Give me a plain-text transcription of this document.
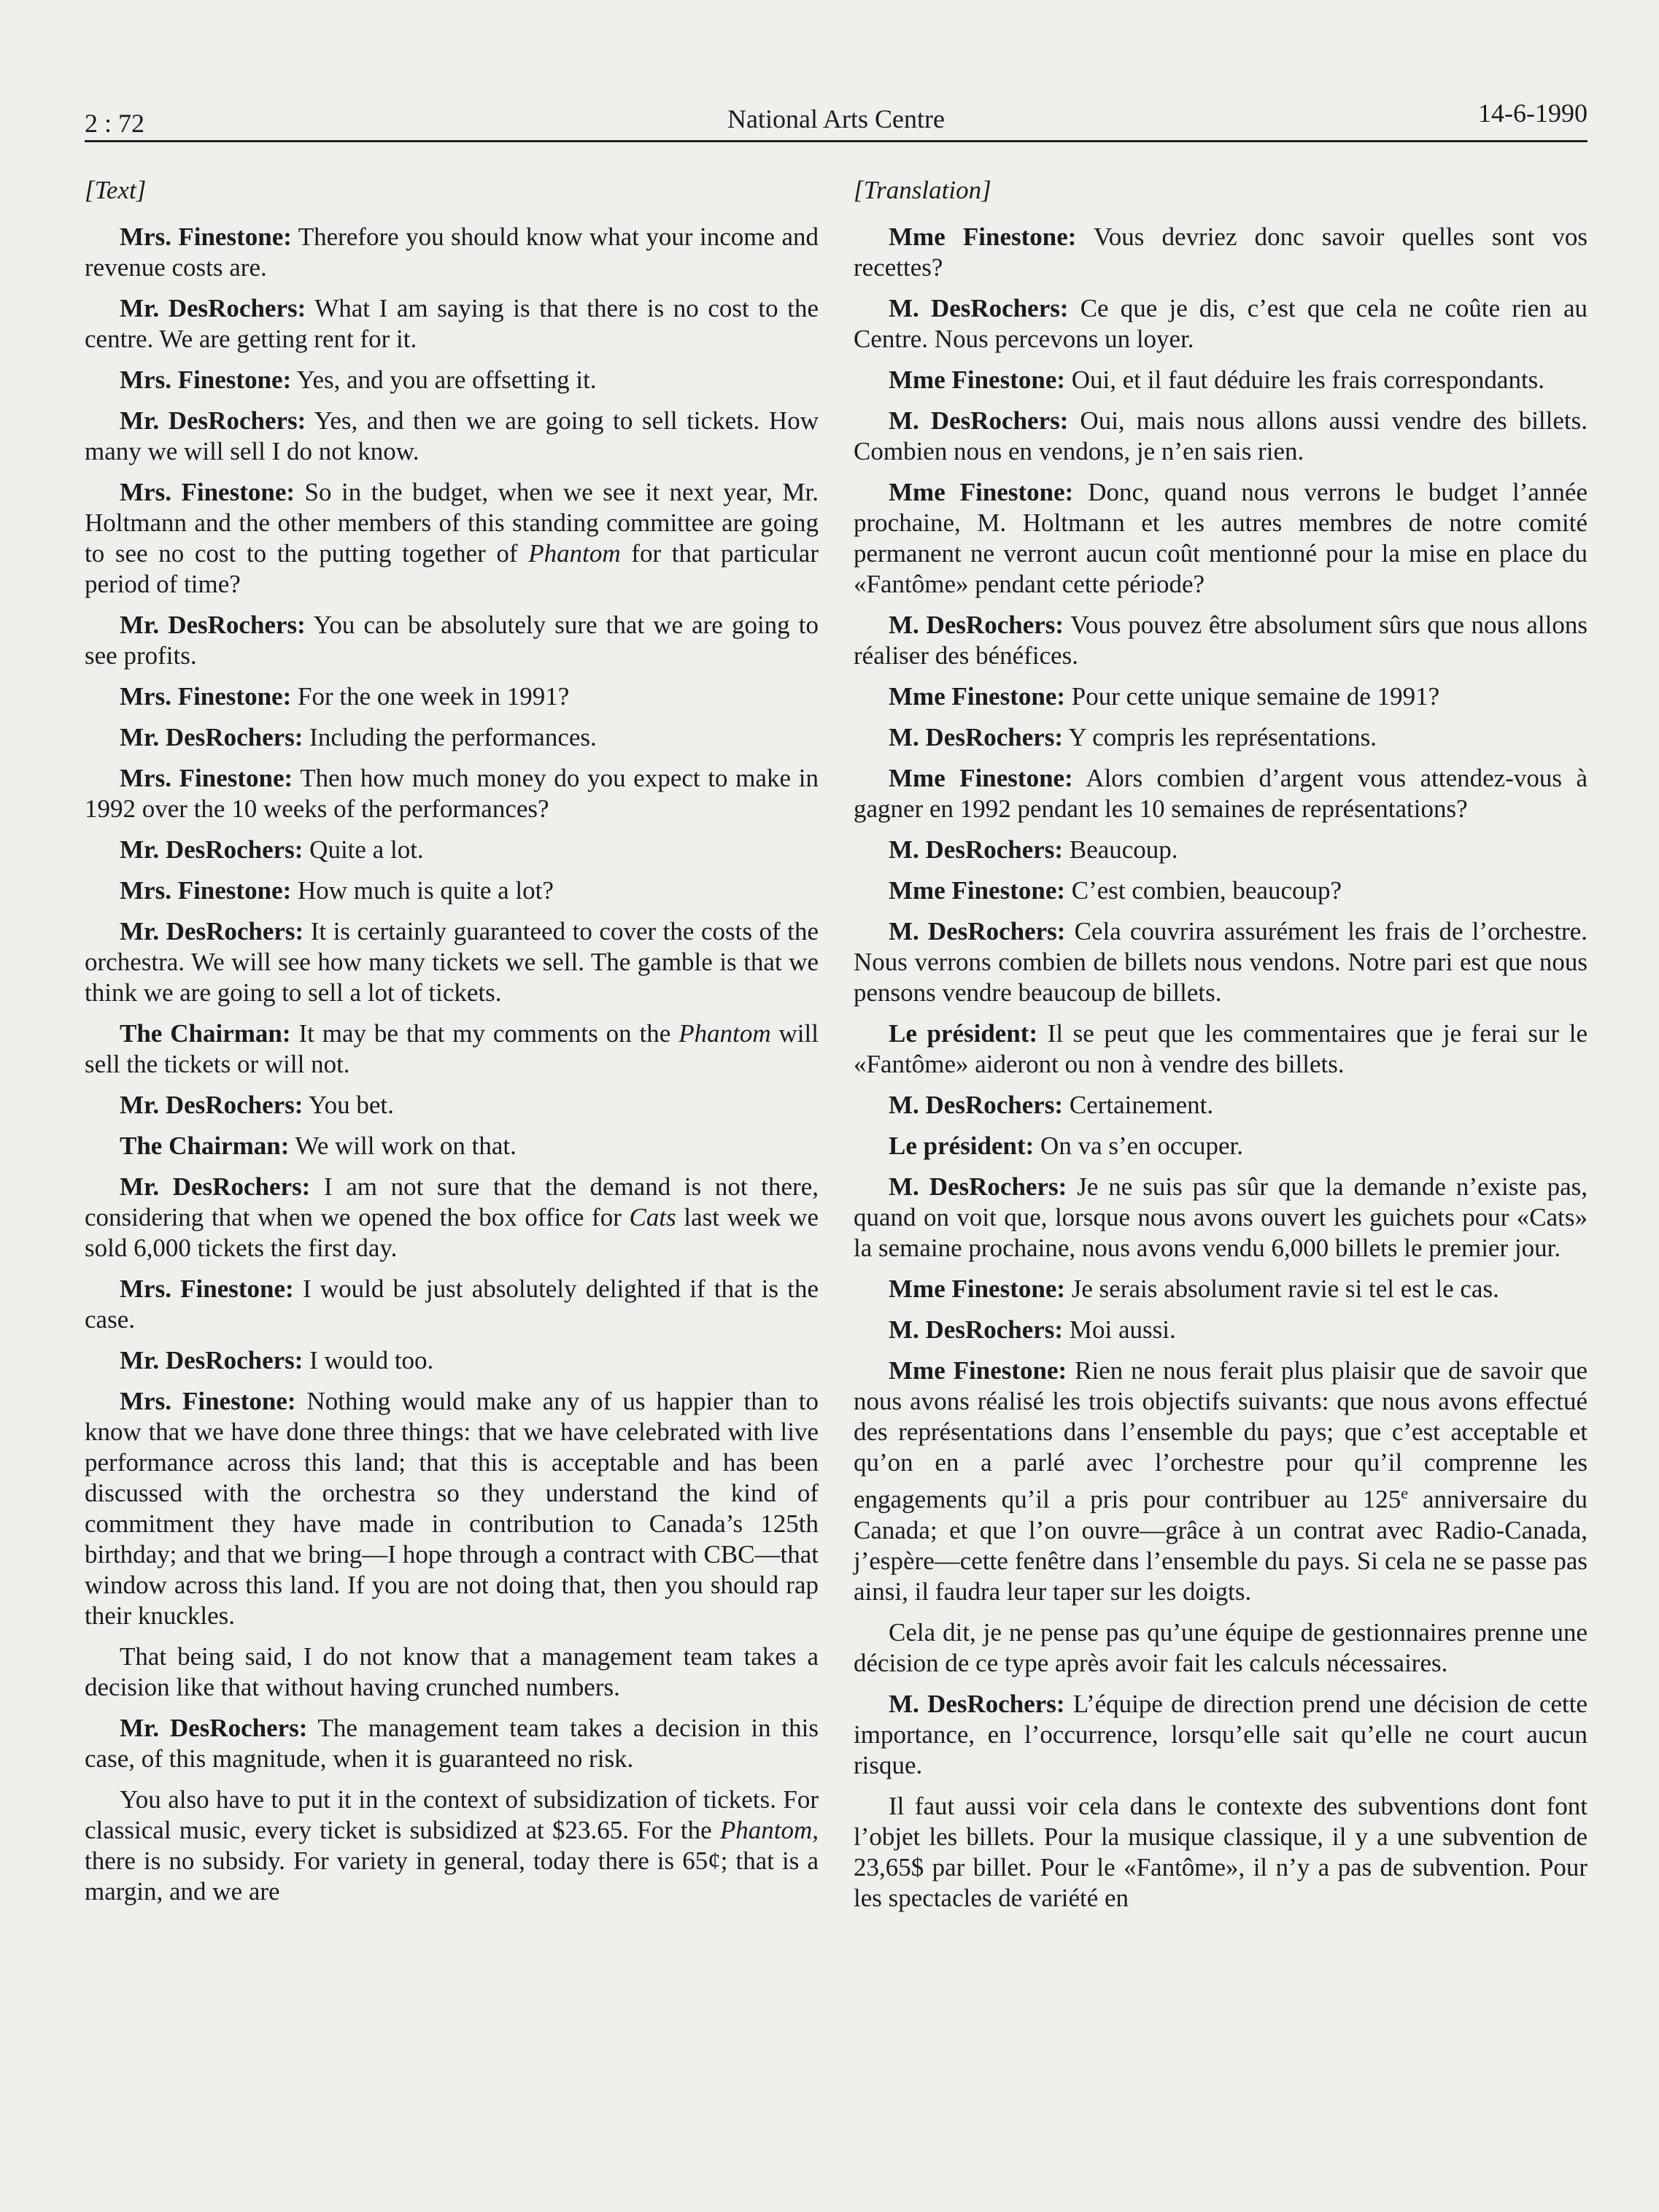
2 : 72	National Arts Centre	14-6-1990
[Text]
Mrs. Finestone: Therefore you should know what your income and revenue costs are.
Mr. DesRochers: What I am saying is that there is no cost to the centre. We are getting rent for it.
Mrs. Finestone: Yes, and you are offsetting it.
Mr. DesRochers: Yes, and then we are going to sell tickets. How many we will sell I do not know.
Mrs. Finestone: So in the budget, when we see it next year, Mr. Holtmann and the other members of this standing committee are going to see no cost to the putting together of Phantom for that particular period of time?
Mr. DesRochers: You can be absolutely sure that we are going to see profits.
Mrs. Finestone: For the one week in 1991?
Mr. DesRochers: Including the performances.
Mrs. Finestone: Then how much money do you expect to make in 1992 over the 10 weeks of the performances?
Mr. DesRochers: Quite a lot.
Mrs. Finestone: How much is quite a lot?
Mr. DesRochers: It is certainly guaranteed to cover the costs of the orchestra. We will see how many tickets we sell. The gamble is that we think we are going to sell a lot of tickets.
The Chairman: It may be that my comments on the Phantom will sell the tickets or will not.
Mr. DesRochers: You bet.
The Chairman: We will work on that.
Mr. DesRochers: I am not sure that the demand is not there, considering that when we opened the box office for Cats last week we sold 6,000 tickets the first day.
Mrs. Finestone: I would be just absolutely delighted if that is the case.
Mr. DesRochers: I would too.
Mrs. Finestone: Nothing would make any of us happier than to know that we have done three things: that we have celebrated with live performance across this land; that this is acceptable and has been discussed with the orchestra so they understand the kind of commitment they have made in contribution to Canada’s 125th birthday; and that we bring—I hope through a contract with CBC—that window across this land. If you are not doing that, then you should rap their knuckles.
That being said, I do not know that a management team takes a decision like that without having crunched numbers.
Mr. DesRochers: The management team takes a decision in this case, of this magnitude, when it is guaranteed no risk.
You also have to put it in the context of subsidization of tickets. For classical music, every ticket is subsidized at $23.65. For the Phantom, there is no subsidy. For variety in general, today there is 65¢; that is a margin, and we are
[Translation]
Mme Finestone: Vous devriez donc savoir quelles sont vos recettes?
M. DesRochers: Ce que je dis, c’est que cela ne coûte rien au Centre. Nous percevons un loyer.
Mme Finestone: Oui, et il faut déduire les frais correspondants.
M. DesRochers: Oui, mais nous allons aussi vendre des billets. Combien nous en vendons, je n’en sais rien.
Mme Finestone: Donc, quand nous verrons le budget l’année prochaine, M. Holtmann et les autres membres de notre comité permanent ne verront aucun coût mentionné pour la mise en place du «Fantôme» pendant cette période?
M. DesRochers: Vous pouvez être absolument sûrs que nous allons réaliser des bénéfices.
Mme Finestone: Pour cette unique semaine de 1991?
M. DesRochers: Y compris les représentations.
Mme Finestone: Alors combien d’argent vous attendez-vous à gagner en 1992 pendant les 10 semaines de représentations?
M. DesRochers: Beaucoup.
Mme Finestone: C’est combien, beaucoup?
M. DesRochers: Cela couvrira assurément les frais de l’orchestre. Nous verrons combien de billets nous vendons. Notre pari est que nous pensons vendre beaucoup de billets.
Le président: Il se peut que les commentaires que je ferai sur le «Fantôme» aideront ou non à vendre des billets.
M. DesRochers: Certainement.
Le président: On va s’en occuper.
M. DesRochers: Je ne suis pas sûr que la demande n’existe pas, quand on voit que, lorsque nous avons ouvert les guichets pour «Cats» la semaine prochaine, nous avons vendu 6,000 billets le premier jour.
Mme Finestone: Je serais absolument ravie si tel est le cas.
M. DesRochers: Moi aussi.
Mme Finestone: Rien ne nous ferait plus plaisir que de savoir que nous avons réalisé les trois objectifs suivants: que nous avons effectué des représentations dans l’ensemble du pays; que c’est acceptable et qu’on en a parlé avec l’orchestre pour qu’il comprenne les engagements qu’il a pris pour contribuer au 125e anniversaire du Canada; et que l’on ouvre—grâce à un contrat avec Radio-Canada, j’espère—cette fenêtre dans l’ensemble du pays. Si cela ne se passe pas ainsi, il faudra leur taper sur les doigts.
Cela dit, je ne pense pas qu’une équipe de gestionnaires prenne une décision de ce type après avoir fait les calculs nécessaires.
M. DesRochers: L’équipe de direction prend une décision de cette importance, en l’occurrence, lorsqu’elle sait qu’elle ne court aucun risque.
Il faut aussi voir cela dans le contexte des subventions dont font l’objet les billets. Pour la musique classique, il y a une subvention de 23,65$ par billet. Pour le «Fantôme», il n’y a pas de subvention. Pour les spectacles de variété en
